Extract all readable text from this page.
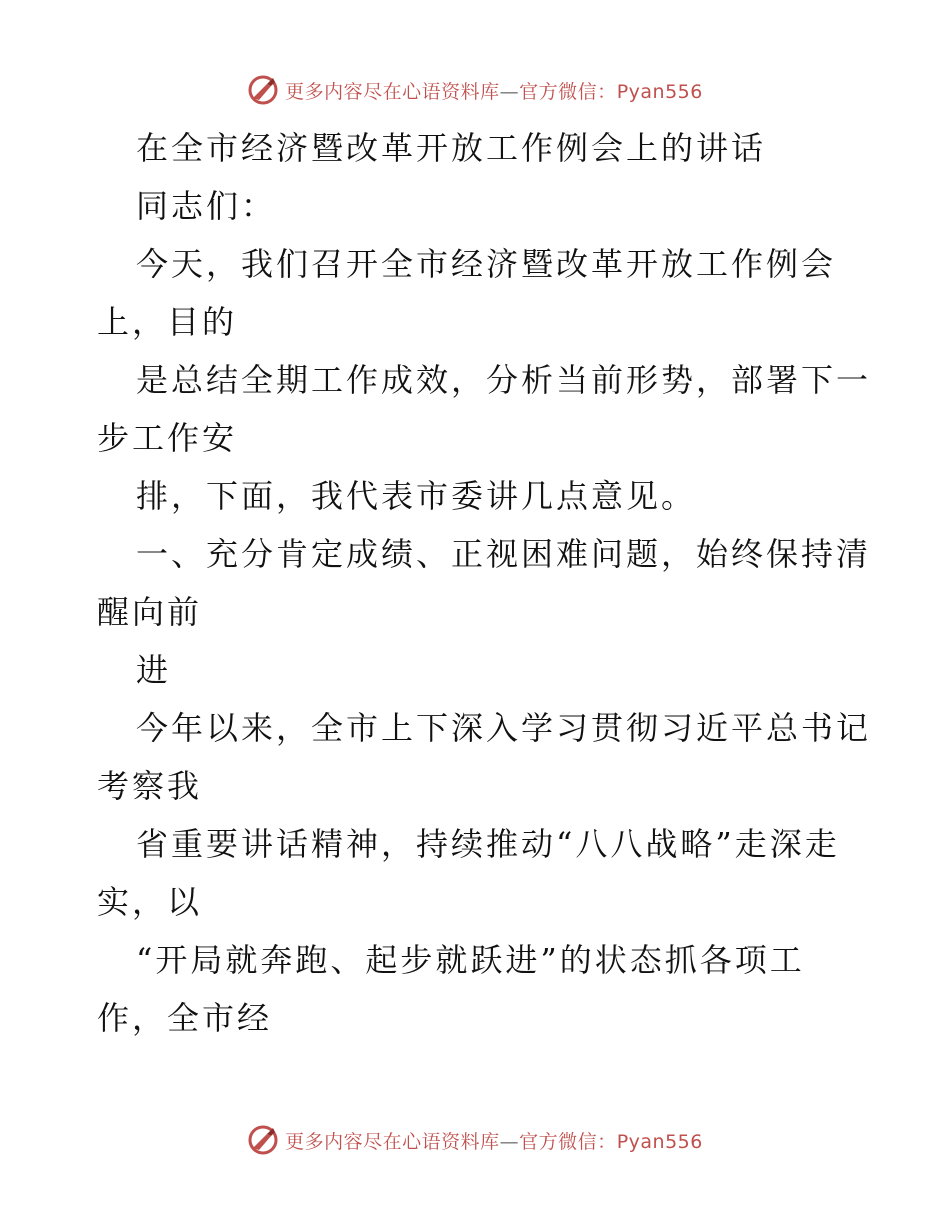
更多内容尽在心语资料库—官方微信：Pyan556
在全市经济暨改革开放工作例会上的讲话
同志们：
今天，我们召开全市经济暨改革开放工作例会
上，目的
是总结全期工作成效，分析当前形势，部署下一
步工作安
排，下面，我代表市委讲几点意见。
一、充分肯定成绩、正视困难问题，始终保持清
醒向前
进
今年以来，全市上下深入学习贯彻习近平总书记
考察我
省重要讲话精神，持续推动“八八战略”走深走
实，以
“开局就奔跑、起步就跃进”的状态抓各项工
作，全市经
更多内容尽在心语资料库—官方微信：Pyan556
